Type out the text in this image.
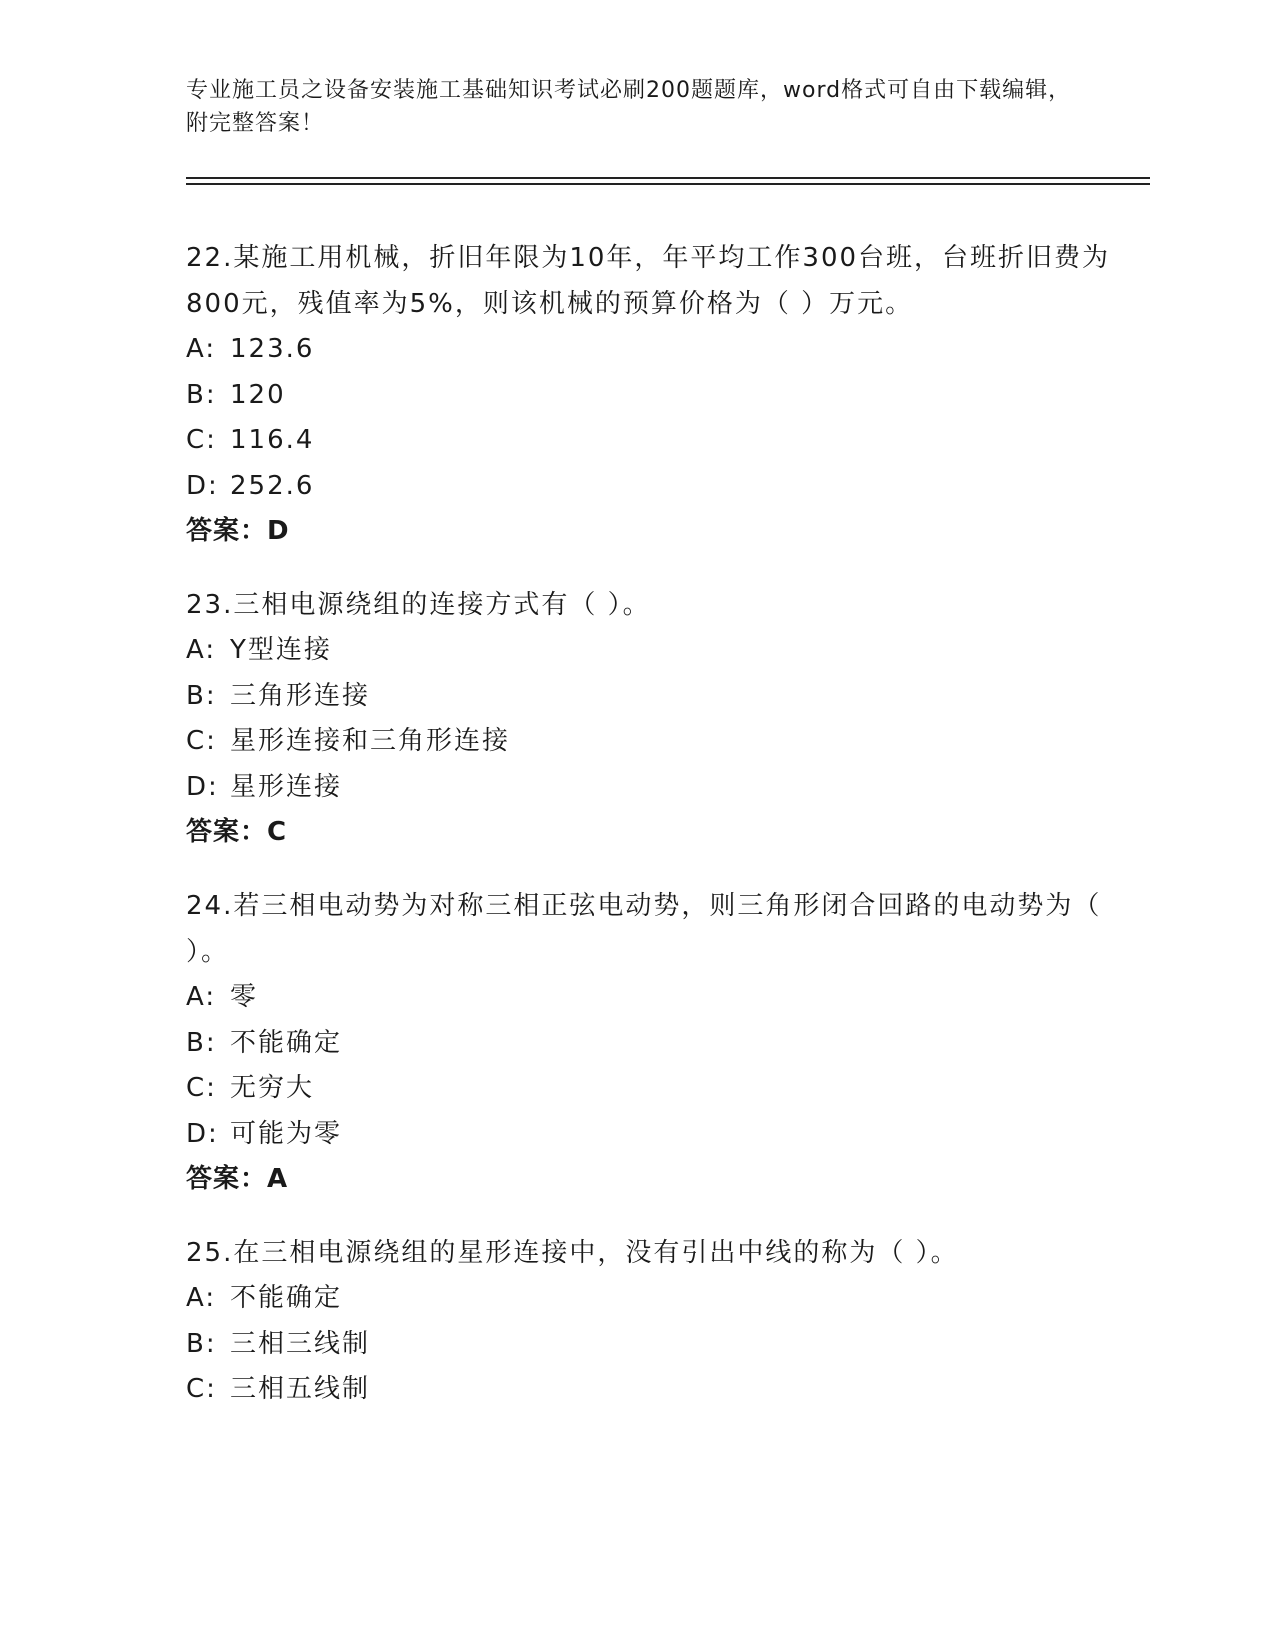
专业施工员之设备安装施工基础知识考试必刷200题题库，word格式可自由下载编辑，附完整答案！
22.某施工用机械，折旧年限为10年，年平均工作300台班，台班折旧费为800元，残值率为5%，则该机械的预算价格为（ ）万元。
A: 123.6
B: 120
C: 116.4
D: 252.6
答案：D
23.三相电源绕组的连接方式有（ ）。
A: Y型连接
B: 三角形连接
C: 星形连接和三角形连接
D: 星形连接
答案：C
24.若三相电动势为对称三相正弦电动势，则三角形闭合回路的电动势为（ ）。
A: 零
B: 不能确定
C: 无穷大
D: 可能为零
答案：A
25.在三相电源绕组的星形连接中，没有引出中线的称为（ ）。
A: 不能确定
B: 三相三线制
C: 三相五线制
